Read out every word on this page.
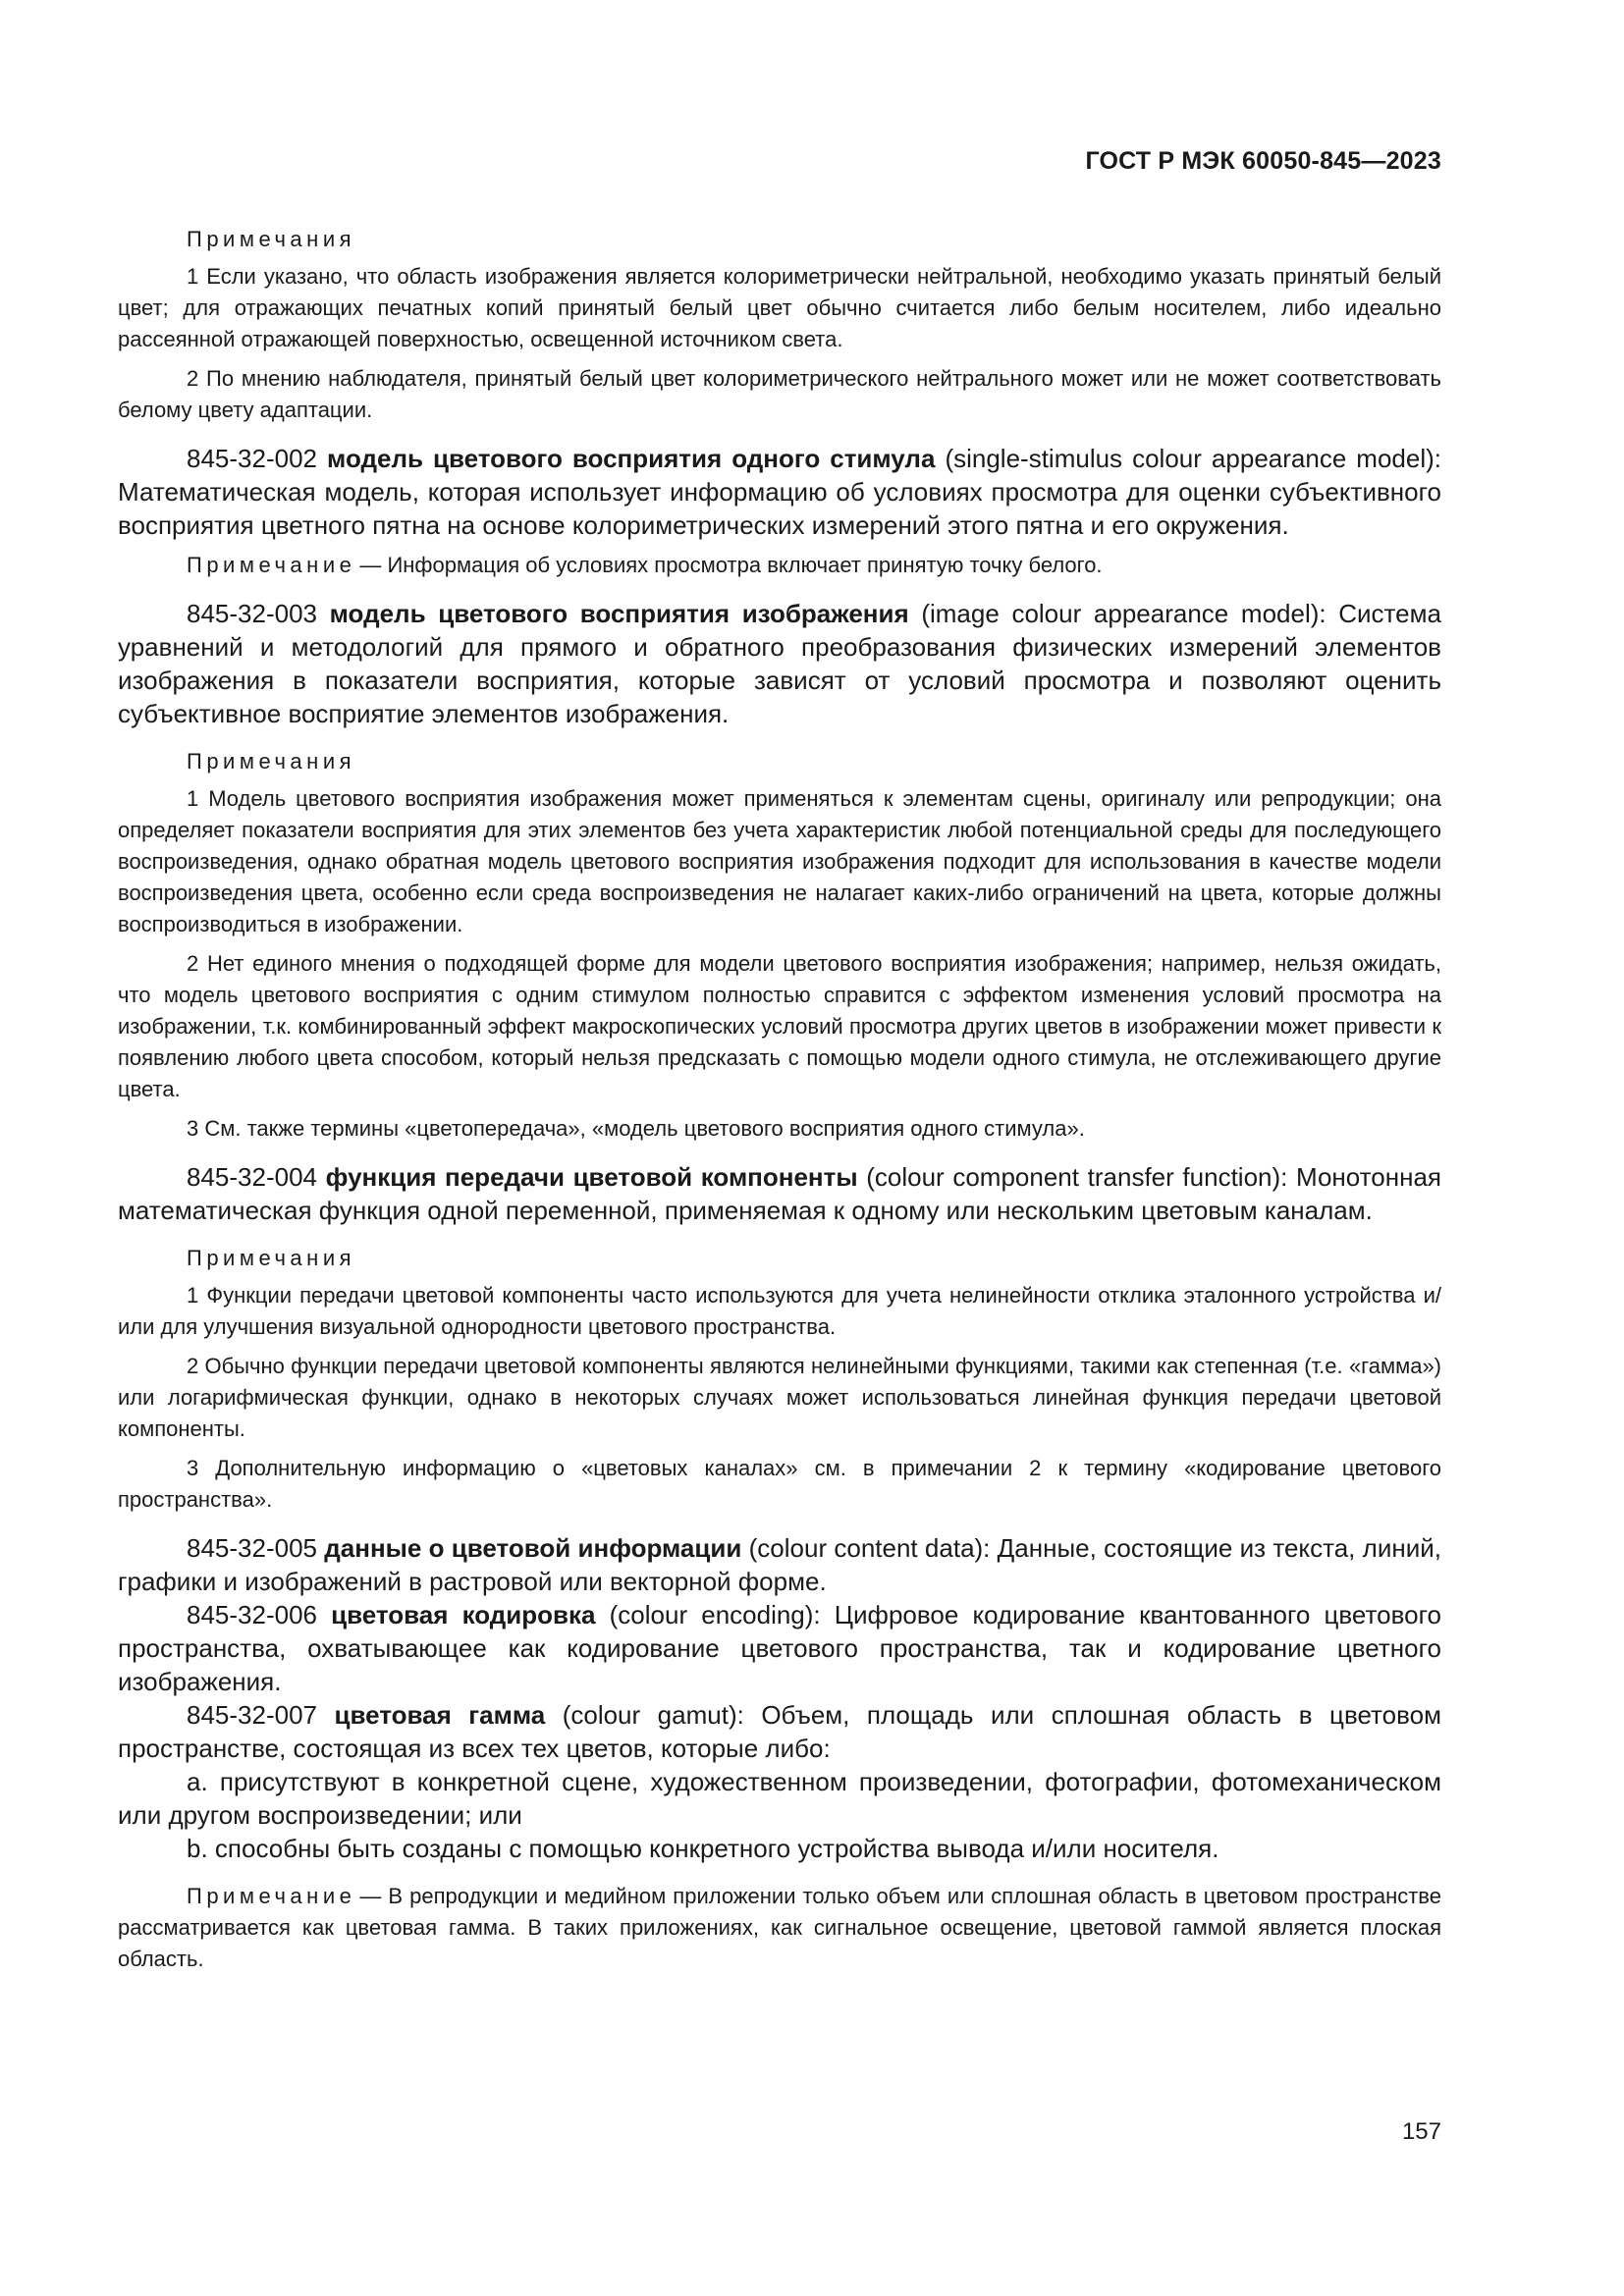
ГОСТ Р МЭК 60050-845—2023

Примечания

1 Если указано, что область изображения является колориметрически нейтральной, необходимо указать принятый белый цвет; для отражающих печатных копий принятый белый цвет обычно считается либо белым носителем, либо идеально рассеянной отражающей поверхностью, освещенной источником света.

2 По мнению наблюдателя, принятый белый цвет колориметрического нейтрального может или не может соответствовать белому цвету адаптации.

845-32-002 модель цветового восприятия одного стимула (single-stimulus colour appearance model): Математическая модель, которая использует информацию об условиях просмотра для оценки субъективного восприятия цветного пятна на основе колориметрических измерений этого пятна и его окружения.

Примечание — Информация об условиях просмотра включает принятую точку белого.

845-32-003 модель цветового восприятия изображения (image colour appearance model): Система уравнений и методологий для прямого и обратного преобразования физических измерений элементов изображения в показатели восприятия, которые зависят от условий просмотра и позволяют оценить субъективное восприятие элементов изображения.

Примечания

1 Модель цветового восприятия изображения может применяться к элементам сцены, оригиналу или репродукции; она определяет показатели восприятия для этих элементов без учета характеристик любой потенциальной среды для последующего воспроизведения, однако обратная модель цветового восприятия изображения подходит для использования в качестве модели воспроизведения цвета, особенно если среда воспроизведения не налагает каких-либо ограничений на цвета, которые должны воспроизводиться в изображении.

2 Нет единого мнения о подходящей форме для модели цветового восприятия изображения; например, нельзя ожидать, что модель цветового восприятия с одним стимулом полностью справится с эффектом изменения условий просмотра на изображении, т.к. комбинированный эффект макроскопических условий просмотра других цветов в изображении может привести к появлению любого цвета способом, который нельзя предсказать с помощью модели одного стимула, не отслеживающего другие цвета.

3 См. также термины «цветопередача», «модель цветового восприятия одного стимула».

845-32-004 функция передачи цветовой компоненты (colour component transfer function): Монотонная математическая функция одной переменной, применяемая к одному или нескольким цветовым каналам.

Примечания

1 Функции передачи цветовой компоненты часто используются для учета нелинейности отклика эталонного устройства и/или для улучшения визуальной однородности цветового пространства.

2 Обычно функции передачи цветовой компоненты являются нелинейными функциями, такими как степенная (т.е. «гамма») или логарифмическая функции, однако в некоторых случаях может использоваться линейная функция передачи цветовой компоненты.

3 Дополнительную информацию о «цветовых каналах» см. в примечании 2 к термину «кодирование цветового пространства».

845-32-005 данные о цветовой информации (colour content data): Данные, состоящие из текста, линий, графики и изображений в растровой или векторной форме.

845-32-006 цветовая кодировка (colour encoding): Цифровое кодирование квантованного цветового пространства, охватывающее как кодирование цветового пространства, так и кодирование цветного изображения.

845-32-007 цветовая гамма (colour gamut): Объем, площадь или сплошная область в цветовом пространстве, состоящая из всех тех цветов, которые либо:

a. присутствуют в конкретной сцене, художественном произведении, фотографии, фотомеханическом или другом воспроизведении; или

b. способны быть созданы с помощью конкретного устройства вывода и/или носителя.

Примечание — В репродукции и медийном приложении только объем или сплошная область в цветовом пространстве рассматривается как цветовая гамма. В таких приложениях, как сигнальное освещение, цветовой гаммой является плоская область.

157
